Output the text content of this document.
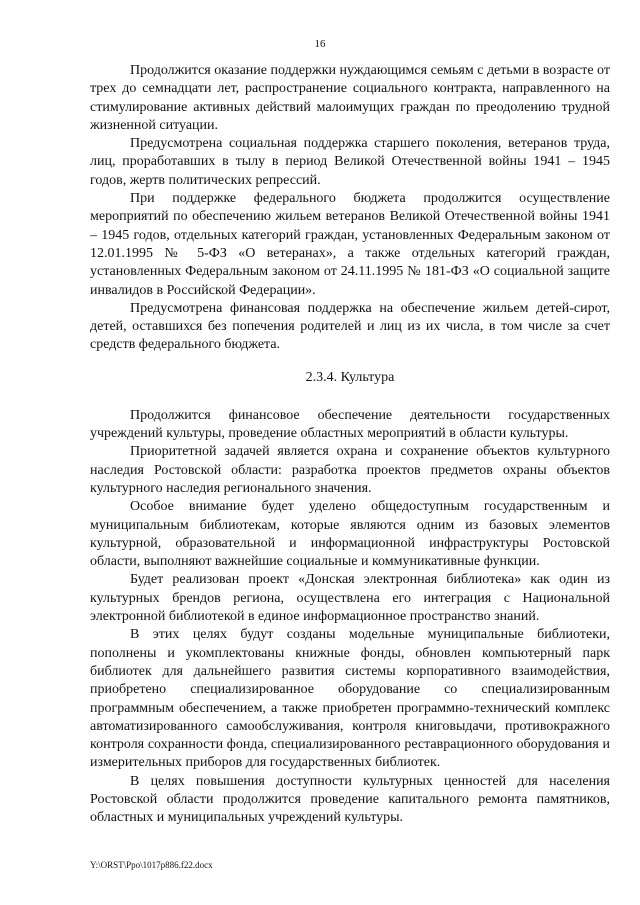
16

Продолжится оказание поддержки нуждающимся семьям с детьми в возрасте от трех до семнадцати лет, распространение социального контракта, направленного на стимулирование активных действий малоимущих граждан по преодолению трудной жизненной ситуации.

Предусмотрена социальная поддержка старшего поколения, ветеранов труда, лиц, проработавших в тылу в период Великой Отечественной войны 1941 – 1945 годов, жертв политических репрессий.

При поддержке федерального бюджета продолжится осуществление мероприятий по обеспечению жильем ветеранов Великой Отечественной войны 1941 – 1945 годов, отдельных категорий граждан, установленных Федеральным законом от 12.01.1995 № 5-ФЗ «О ветеранах», а также отдельных категорий граждан, установленных Федеральным законом от 24.11.1995 № 181-ФЗ «О социальной защите инвалидов в Российской Федерации».

Предусмотрена финансовая поддержка на обеспечение жильем детей-сирот, детей, оставшихся без попечения родителей и лиц из их числа, в том числе за счет средств федерального бюджета.

2.3.4. Культура

Продолжится финансовое обеспечение деятельности государственных учреждений культуры, проведение областных мероприятий в области культуры.

Приоритетной задачей является охрана и сохранение объектов культурного наследия Ростовской области: разработка проектов предметов охраны объектов культурного наследия регионального значения.

Особое внимание будет уделено общедоступным государственным и муниципальным библиотекам, которые являются одним из базовых элементов культурной, образовательной и информационной инфраструктуры Ростовской области, выполняют важнейшие социальные и коммуникативные функции.

Будет реализован проект «Донская электронная библиотека» как один из культурных брендов региона, осуществлена его интеграция с Национальной электронной библиотекой в единое информационное пространство знаний.

В этих целях будут созданы модельные муниципальные библиотеки, пополнены и укомплектованы книжные фонды, обновлен компьютерный парк библиотек для дальнейшего развития системы корпоративного взаимодействия, приобретено специализированное оборудование со специализированным программным обеспечением, а также приобретен программно-технический комплекс автоматизированного самообслуживания, контроля книговыдачи, противокражного контроля сохранности фонда, специализированного реставрационного оборудования и измерительных приборов для государственных библиотек.

В целях повышения доступности культурных ценностей для населения Ростовской области продолжится проведение капитального ремонта памятников, областных и муниципальных учреждений культуры.

Y:\ORST\Ppo\1017p886.f22.docx
